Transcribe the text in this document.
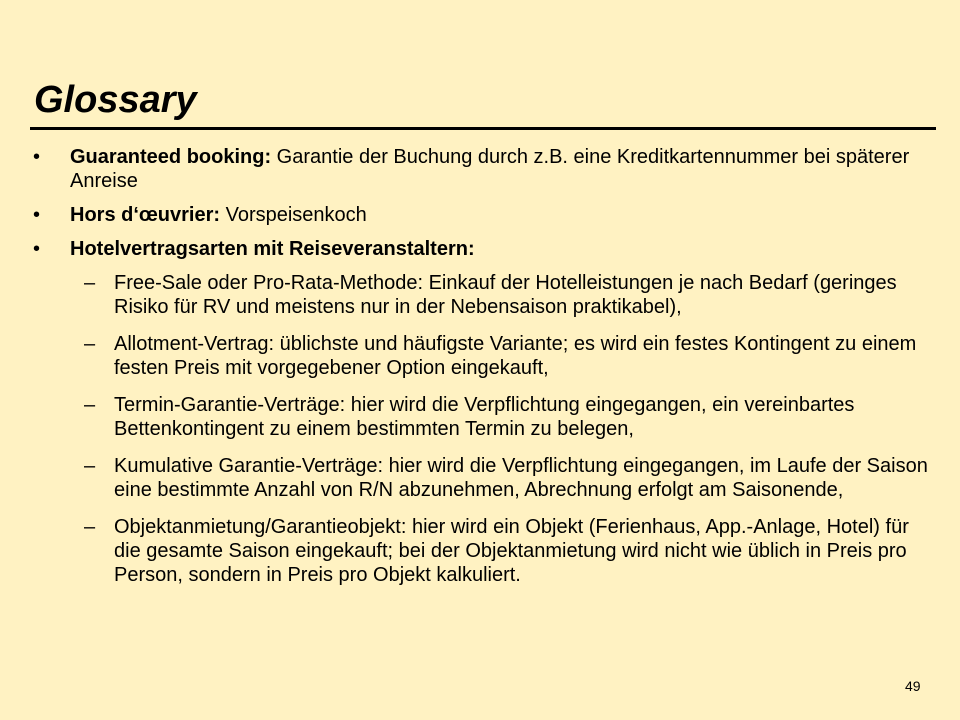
Glossary
• Guaranteed booking: Garantie der Buchung durch z.B. eine Kreditkartennummer bei späterer Anreise
• Hors d‘œuvrier: Vorspeisenkoch
• Hotelvertragsarten mit Reiseveranstaltern:
– Free-Sale oder Pro-Rata-Methode: Einkauf der Hotelleistungen je nach Bedarf (geringes Risiko für RV und meistens nur in der Nebensaison praktikabel),
– Allotment-Vertrag: üblichste und häufigste Variante; es wird ein festes Kontingent zu einem festen Preis mit vorgegebener Option eingekauft,
– Termin-Garantie-Verträge: hier wird die Verpflichtung eingegangen, ein vereinbartes Bettenkontingent zu einem bestimmten Termin zu belegen,
– Kumulative Garantie-Verträge: hier wird die Verpflichtung eingegangen, im Laufe der Saison eine bestimmte Anzahl von R/N abzunehmen, Abrechnung erfolgt am Saisonende,
– Objektanmietung/Garantieobjekt: hier wird ein Objekt (Ferienhaus, App.-Anlage, Hotel) für die gesamte Saison eingekauft; bei der Objektanmietung wird nicht wie üblich in Preis pro Person, sondern in Preis pro Objekt kalkuliert.
49
